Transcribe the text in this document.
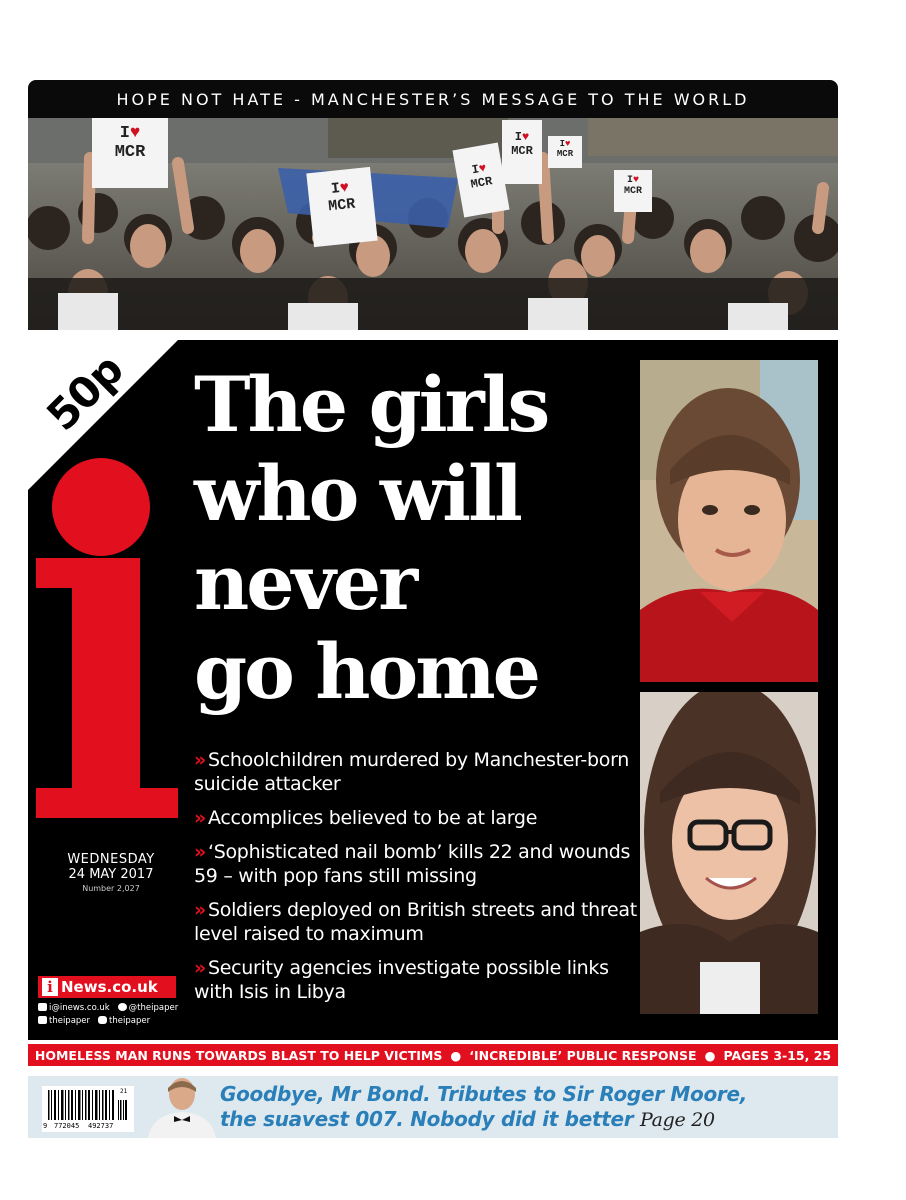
HOPE NOT HATE - MANCHESTER’S MESSAGE TO THE WORLD
I♥
MCR
I♥
MCR
I♥
MCR
I♥
MCR	I♥
MCR
I♥
MCR
50p
WEDNESDAY
24 MAY 2017
Number 2,027
i News.co.uk
i@inews.co.uk	@theipaper
theipaper	theipaper
The girls
who will
never
go home
» Schoolchildren murdered by Manchester-born suicide attacker
» Accomplices believed to be at large
» ‘Sophisticated nail bomb’ kills 22 and wounds 59 – with pop fans still missing
» Soldiers deployed on British streets and threat level raised to maximum
» Security agencies investigate possible links with Isis in Libya
HOMELESS MAN RUNS TOWARDS BLAST TO HELP VICTIMS ● ‘INCREDIBLE’ PUBLIC RESPONSE ● PAGES 3-15, 25
21
9 772045 492737
Goodbye, Mr Bond. Tributes to Sir Roger Moore,
the suavest 007. Nobody did it better Page 20
